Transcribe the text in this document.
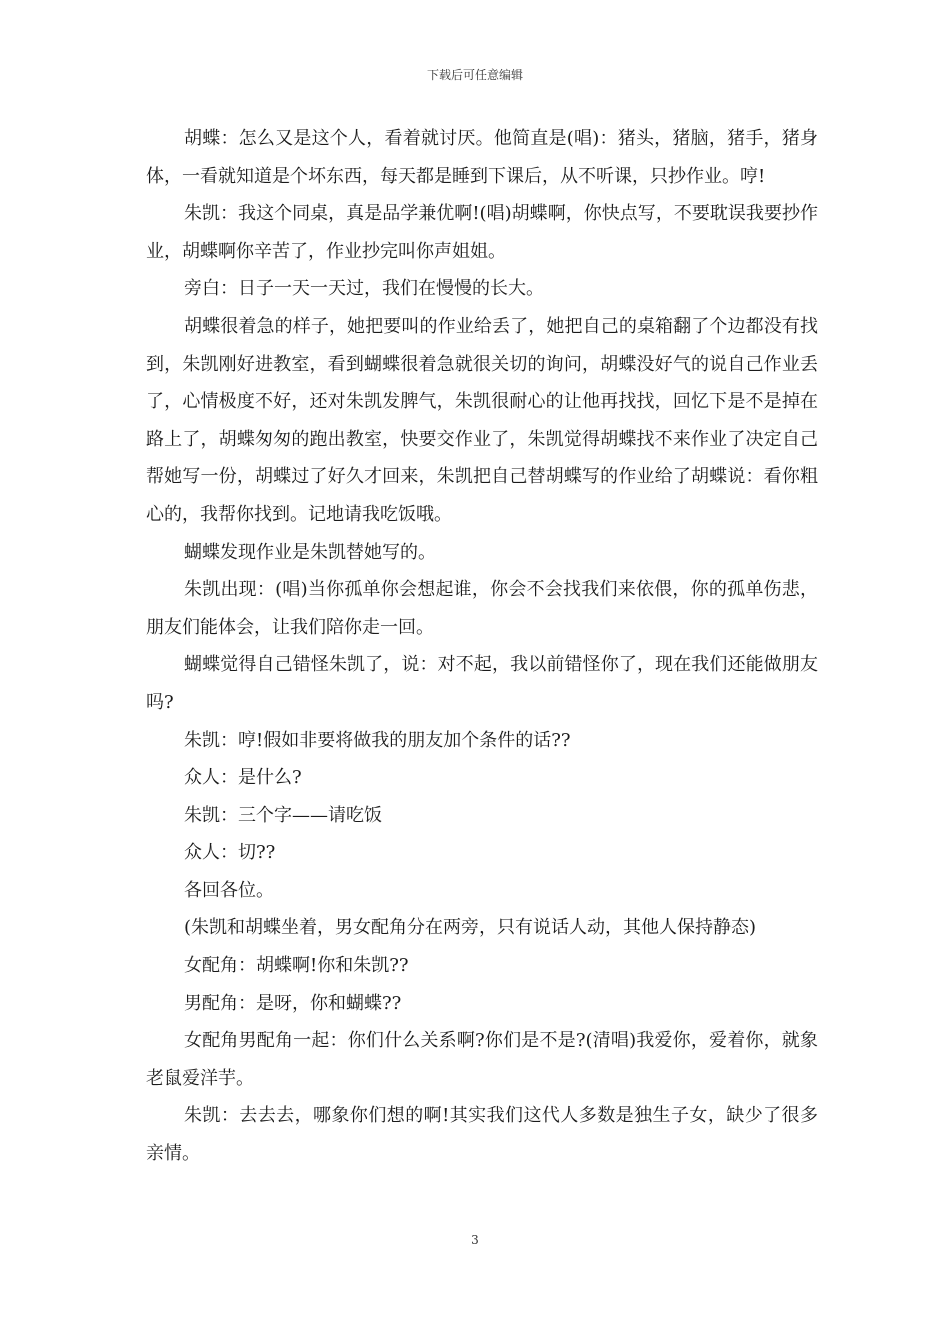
下载后可任意编辑

胡蝶：怎么又是这个人，看着就讨厌。他简直是(唱)：猪头，猪脑，猪手，猪身体，一看就知道是个坏东西，每天都是睡到下课后，从不听课，只抄作业。哼!

朱凯：我这个同桌，真是品学兼优啊!(唱)胡蝶啊，你快点写，不要耽误我要抄作业，胡蝶啊你辛苦了，作业抄完叫你声姐姐。

旁白：日子一天一天过，我们在慢慢的长大。

胡蝶很着急的样子，她把要叫的作业给丢了，她把自己的桌箱翻了个边都没有找到，朱凯刚好进教室，看到蝴蝶很着急就很关切的询问，胡蝶没好气的说自己作业丢了，心情极度不好，还对朱凯发脾气，朱凯很耐心的让他再找找，回忆下是不是掉在路上了，胡蝶匆匆的跑出教室，快要交作业了，朱凯觉得胡蝶找不来作业了决定自己帮她写一份，胡蝶过了好久才回来，朱凯把自己替胡蝶写的作业给了胡蝶说：看你粗心的，我帮你找到。记地请我吃饭哦。

蝴蝶发现作业是朱凯替她写的。

朱凯出现：(唱)当你孤单你会想起谁，你会不会找我们来依偎，你的孤单伤悲，朋友们能体会，让我们陪你走一回。

蝴蝶觉得自己错怪朱凯了，说：对不起，我以前错怪你了，现在我们还能做朋友吗?

朱凯：哼!假如非要将做我的朋友加个条件的话??

众人：是什么?

朱凯：三个字——请吃饭

众人：切??

各回各位。

(朱凯和胡蝶坐着，男女配角分在两旁，只有说话人动，其他人保持静态)

女配角：胡蝶啊!你和朱凯??

男配角：是呀，你和蝴蝶??

女配角男配角一起：你们什么关系啊?你们是不是?(清唱)我爱你，爱着你，就象老鼠爱洋芋。

朱凯：去去去，哪象你们想的啊!其实我们这代人多数是独生子女，缺少了很多亲情。

3
